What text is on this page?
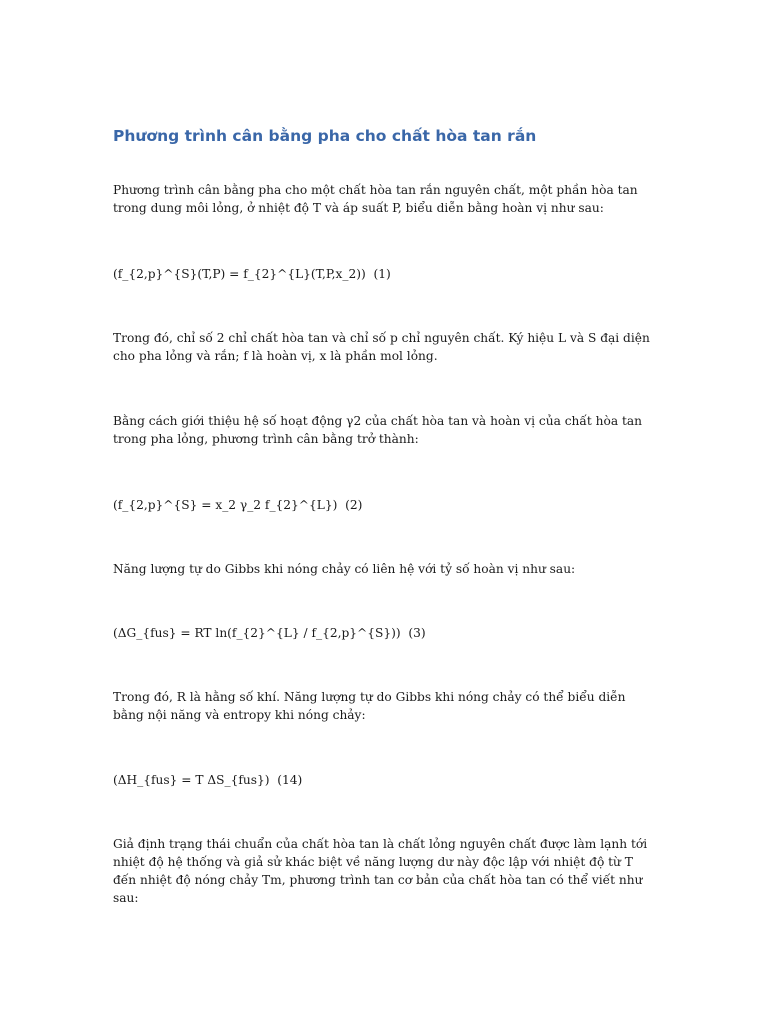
Phương trình cân bằng pha cho chất hòa tan rắn

Phương trình cân bằng pha cho một chất hòa tan rắn nguyên chất, một phần hòa tan trong dung môi lỏng, ở nhiệt độ T và áp suất P, biểu diễn bằng hoàn vị như sau:

(f_{2,p}^{S}(T,P) = f_{2}^{L}(T,P,x_2))  (1)

Trong đó, chỉ số 2 chỉ chất hòa tan và chỉ số p chỉ nguyên chất. Ký hiệu L và S đại diện cho pha lỏng và rắn; f là hoàn vị, x là phần mol lỏng.

Bằng cách giới thiệu hệ số hoạt động γ2 của chất hòa tan và hoàn vị của chất hòa tan trong pha lỏng, phương trình cân bằng trở thành:

(f_{2,p}^{S} = x_2 γ_2 f_{2}^{L})  (2)

Năng lượng tự do Gibbs khi nóng chảy có liên hệ với tỷ số hoàn vị như sau:

(ΔG_{fus} = RT ln(f_{2}^{L} / f_{2,p}^{S}))  (3)

Trong đó, R là hằng số khí. Năng lượng tự do Gibbs khi nóng chảy có thể biểu diễn bằng nội năng và entropy khi nóng chảy:

(ΔH_{fus} = T ΔS_{fus})  (14)

Giả định trạng thái chuẩn của chất hòa tan là chất lỏng nguyên chất được làm lạnh tới nhiệt độ hệ thống và giả sử khác biệt về năng lượng dư này độc lập với nhiệt độ từ T đến nhiệt độ nóng chảy Tm, phương trình tan cơ bản của chất hòa tan có thể viết như sau:
